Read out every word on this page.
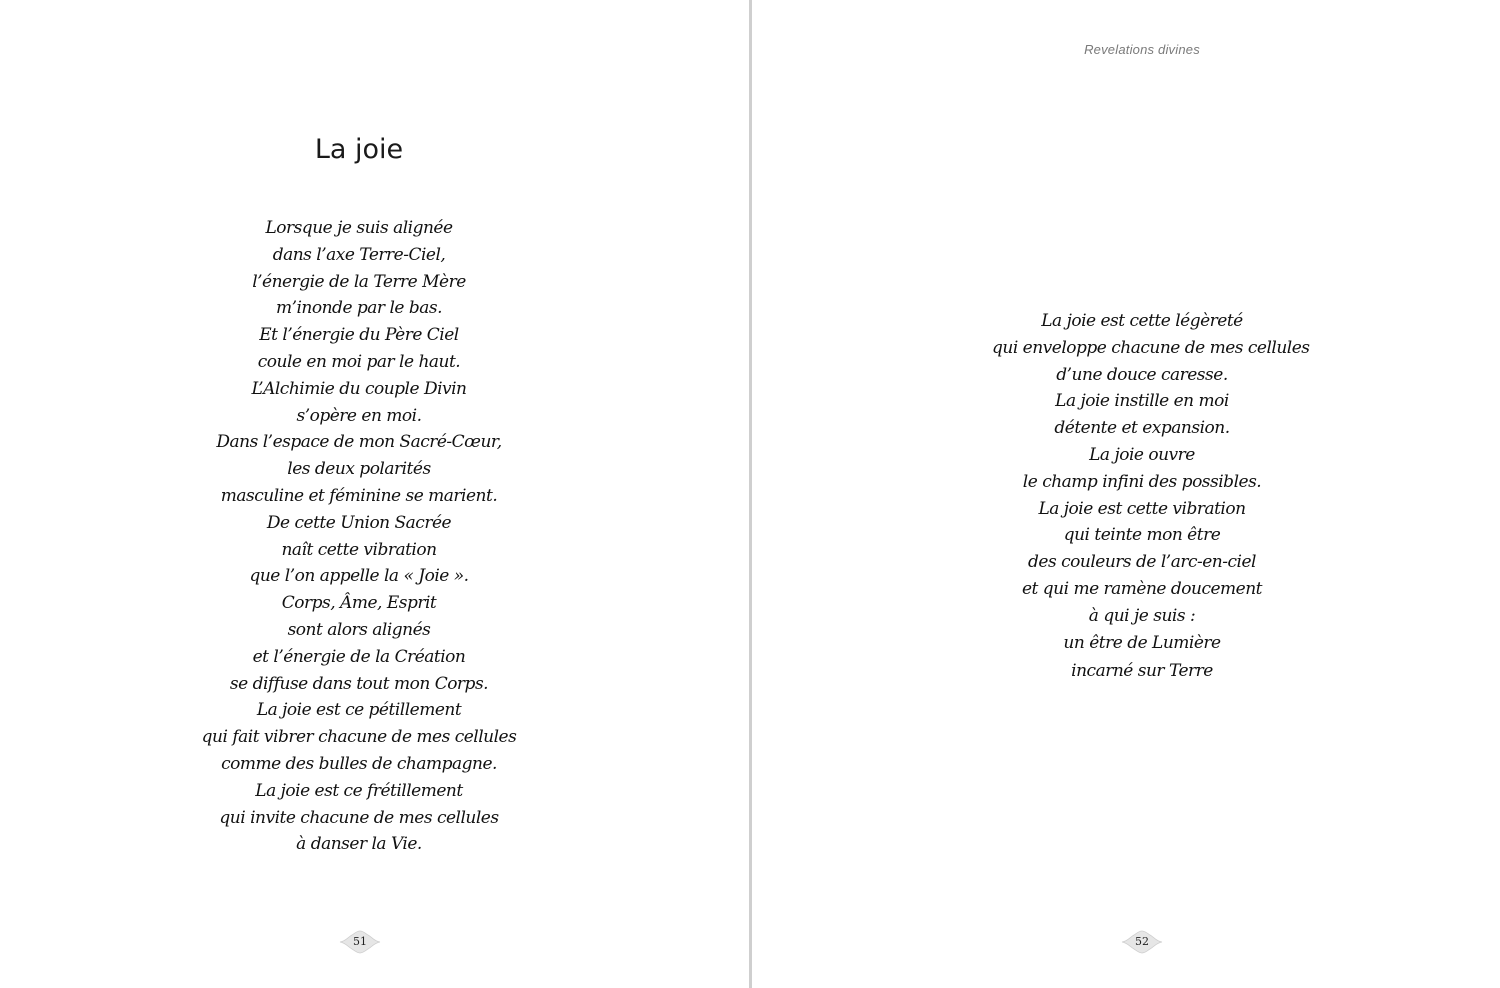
La joie
Lorsque je suis alignée
dans l’axe Terre-Ciel,
l’énergie de la Terre Mère
m’inonde par le bas.
Et l’énergie du Père Ciel
coule en moi par le haut.
L’Alchimie du couple Divin
s’opère en moi.
Dans l’espace de mon Sacré-Cœur,
les deux polarités
masculine et féminine se marient.
De cette Union Sacrée
naît cette vibration
que l’on appelle la « Joie ».
Corps, Âme, Esprit
sont alors alignés
et l’énergie de la Création
se diffuse dans tout mon Corps.
La joie est ce pétillement
qui fait vibrer chacune de mes cellules
comme des bulles de champagne.
La joie est ce frétillement
qui invite chacune de mes cellules
à danser la Vie.
51
Revelations divines
La joie est cette légèreté
qui enveloppe chacune de mes cellules
d’une douce caresse.
La joie instille en moi
détente et expansion.
La joie ouvre
le champ infini des possibles.
La joie est cette vibration
qui teinte mon être
des couleurs de l’arc-en-ciel
et qui me ramène doucement
à qui je suis :
un être de Lumière
incarné sur Terre
52
